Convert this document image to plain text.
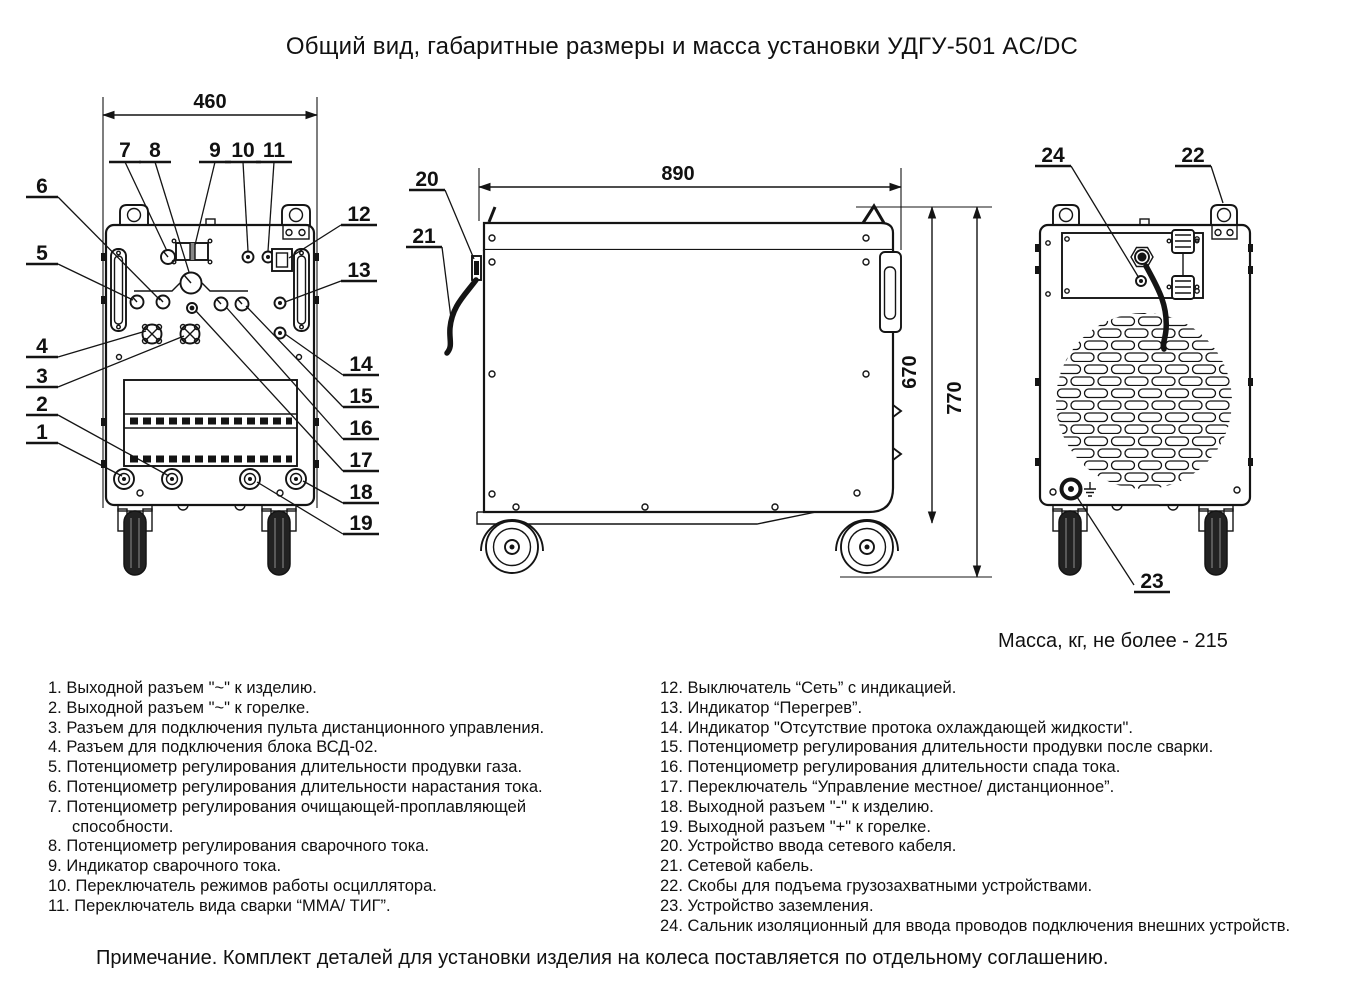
Общий вид, габаритные размеры и масса установки УДГУ-501 AC/DC
460
6
5
4
3
2
1
7 8 9 10 11
12
13
14
15
16
17
18
19
890
670
770
20
21
24	22
23
Масса, кг, не более - 215
1. Выходной разъем "~" к изделию.
2. Выходной разъем "~" к горелке.
3. Разъем для подключения пульта дистанционного управления.
4. Разъем для подключения блока ВСД-02.
5. Потенциометр регулирования длительности продувки газа.
6. Потенциометр регулирования длительности нарастания тока.
7. Потенциометр регулирования очищающей-проплавляющей способности.
8. Потенциометр регулирования сварочного тока.
9. Индикатор сварочного тока.
10. Переключатель режимов работы осциллятора.
11. Переключатель вида сварки “ММА/ ТИГ”.
12. Выключатель “Сеть” с индикацией.
13. Индикатор “Перегрев”.
14. Индикатор "Отсутствие протока охлаждающей жидкости".
15. Потенциометр регулирования длительности продувки после сварки.
16. Потенциометр регулирования длительности спада тока.
17. Переключатель “Управление местное/ дистанционное”.
18. Выходной разъем "-" к изделию.
19. Выходной разъем "+" к горелке.
20. Устройство ввода сетевого кабеля.
21. Сетевой кабель.
22. Скобы для подъема грузозахватными устройствами.
23. Устройство заземления.
24. Сальник изоляционный для ввода проводов подключения внешних устройств.
Примечание. Комплект деталей для установки изделия на колеса поставляется по отдельному соглашению.
